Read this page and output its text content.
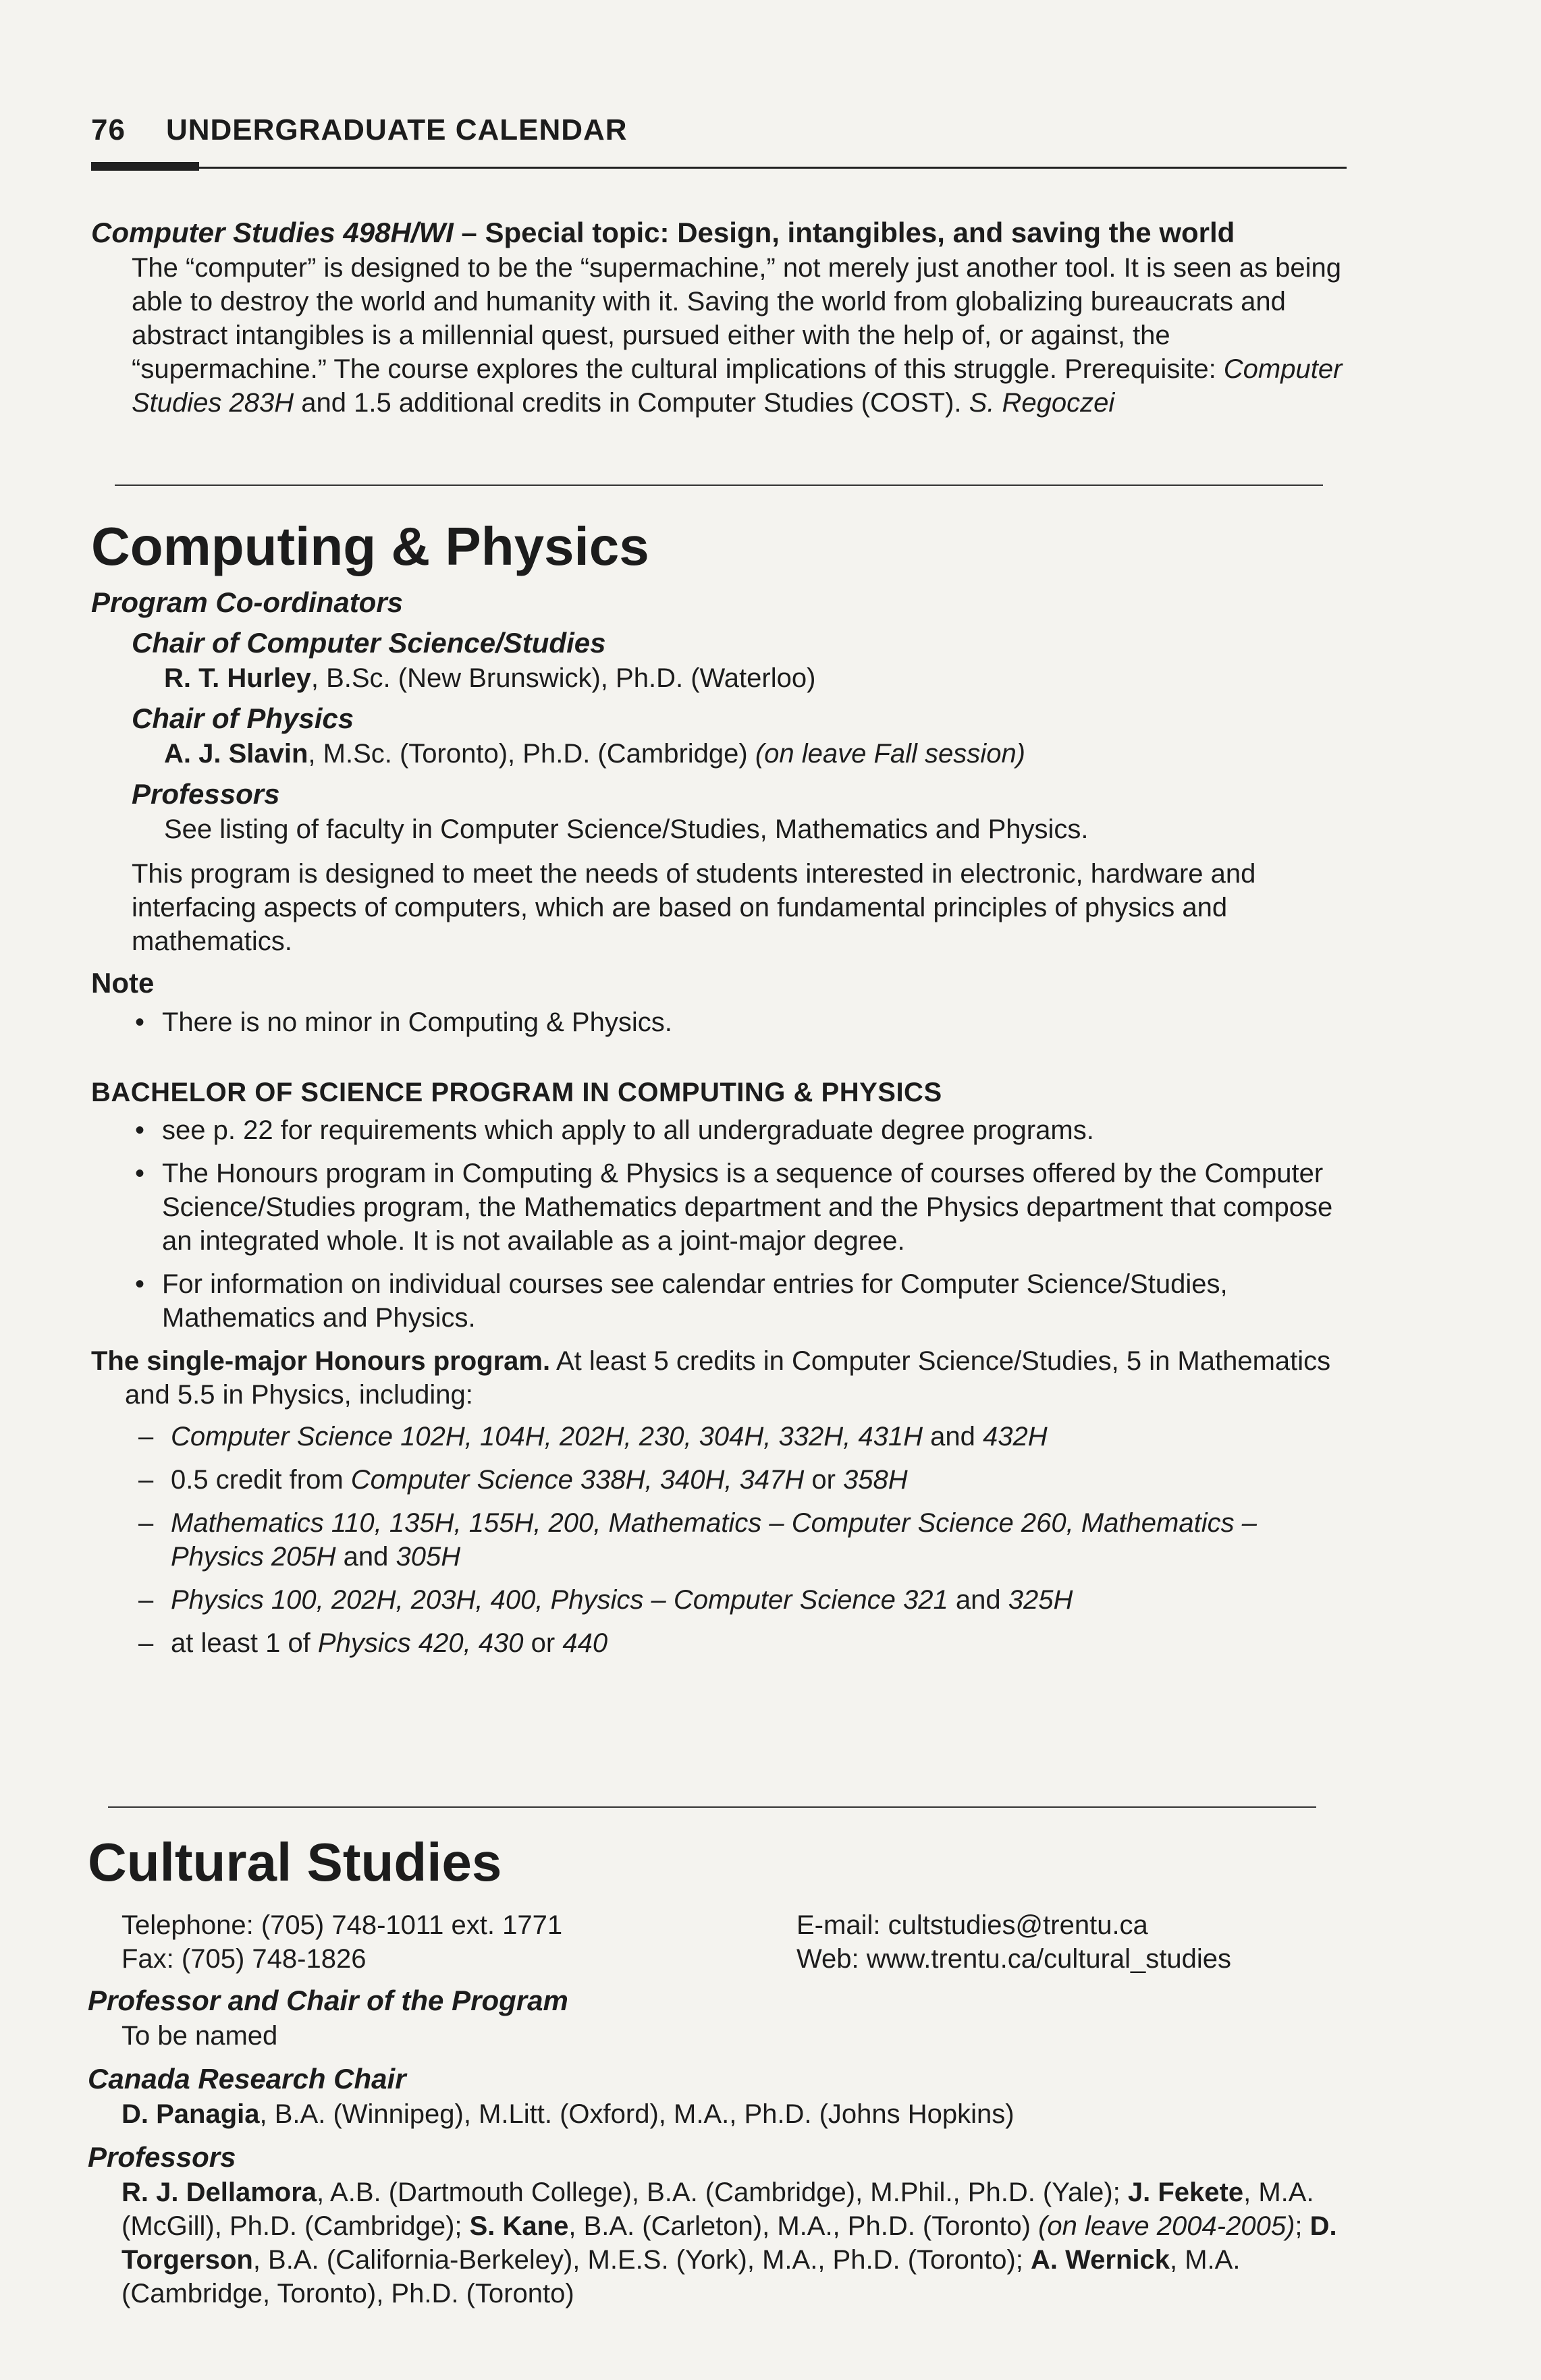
76 UNDERGRADUATE CALENDAR

Computer Studies 498H/WI – Special topic: Design, intangibles, and saving the world

The “computer” is designed to be the “supermachine,” not merely just another tool. It is seen as being able to destroy the world and humanity with it. Saving the world from globalizing bureaucrats and abstract intangibles is a millennial quest, pursued either with the help of, or against, the “supermachine.” The course explores the cultural implications of this struggle. Prerequisite: Computer Studies 283H and 1.5 additional credits in Computer Studies (COST). S. Regoczei

Computing & Physics

Program Co-ordinators

Chair of Computer Science/Studies

R. T. Hurley, B.Sc. (New Brunswick), Ph.D. (Waterloo)

Chair of Physics

A. J. Slavin, M.Sc. (Toronto), Ph.D. (Cambridge) (on leave Fall session)

Professors

See listing of faculty in Computer Science/Studies, Mathematics and Physics.

This program is designed to meet the needs of students interested in electronic, hardware and interfacing aspects of computers, which are based on fundamental principles of physics and mathematics.

Note

• There is no minor in Computing & Physics.

BACHELOR OF SCIENCE PROGRAM IN COMPUTING & PHYSICS

• see p. 22 for requirements which apply to all undergraduate degree programs.

• The Honours program in Computing & Physics is a sequence of courses offered by the Computer Science/Studies program, the Mathematics department and the Physics department that compose an integrated whole. It is not available as a joint-major degree.

• For information on individual courses see calendar entries for Computer Science/Studies, Mathematics and Physics.

The single-major Honours program. At least 5 credits in Computer Science/Studies, 5 in Mathematics and 5.5 in Physics, including:

– Computer Science 102H, 104H, 202H, 230, 304H, 332H, 431H and 432H

– 0.5 credit from Computer Science 338H, 340H, 347H or 358H

– Mathematics 110, 135H, 155H, 200, Mathematics – Computer Science 260, Mathematics – Physics 205H and 305H

– Physics 100, 202H, 203H, 400, Physics – Computer Science 321 and 325H

– at least 1 of Physics 420, 430 or 440

Cultural Studies

Telephone: (705) 748-1011 ext. 1771

Fax: (705) 748-1826

E-mail: cultstudies@trentu.ca

Web: www.trentu.ca/cultural_studies

Professor and Chair of the Program

To be named

Canada Research Chair

D. Panagia, B.A. (Winnipeg), M.Litt. (Oxford), M.A., Ph.D. (Johns Hopkins)

Professors

R. J. Dellamora, A.B. (Dartmouth College), B.A. (Cambridge), M.Phil., Ph.D. (Yale); J. Fekete, M.A. (McGill), Ph.D. (Cambridge); S. Kane, B.A. (Carleton), M.A., Ph.D. (Toronto) (on leave 2004-2005); D. Torgerson, B.A. (California-Berkeley), M.E.S. (York), M.A., Ph.D. (Toronto); A. Wernick, M.A. (Cambridge, Toronto), Ph.D. (Toronto)
